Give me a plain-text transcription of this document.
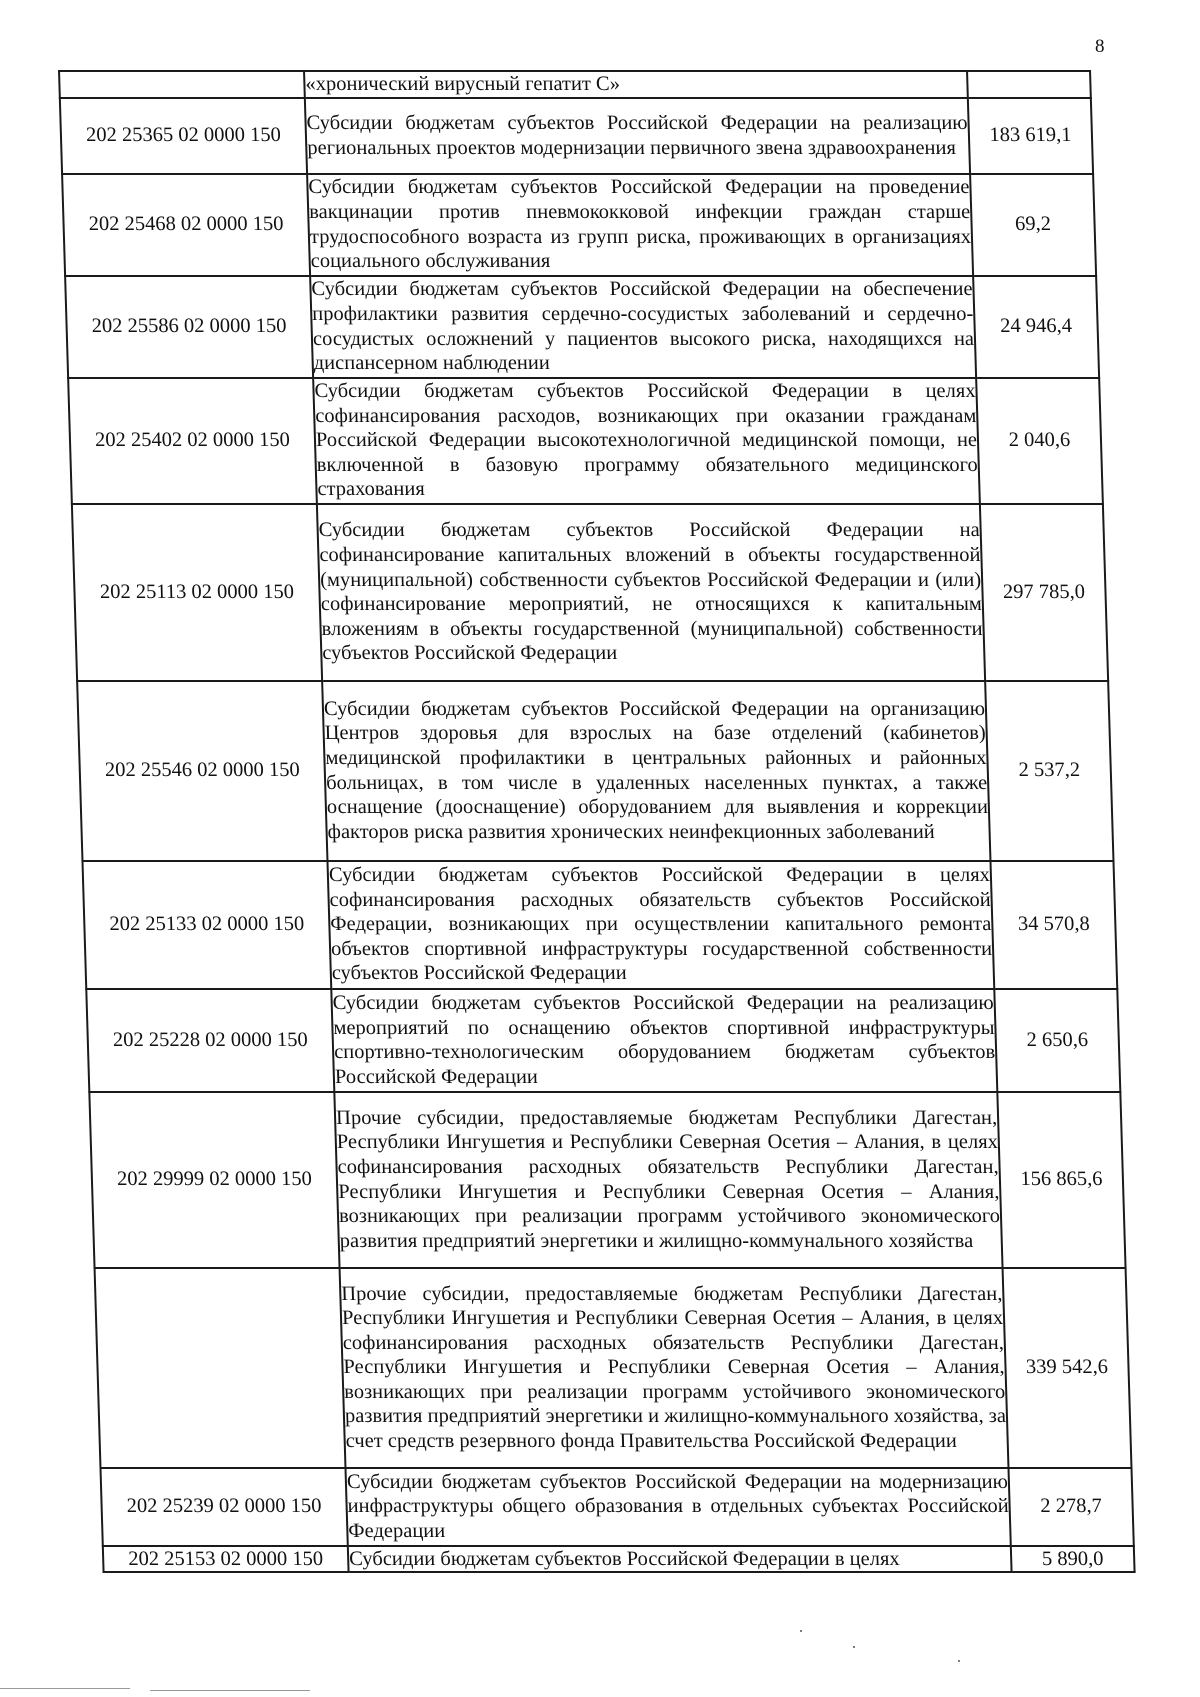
8
	«хронический вирусный гепатит С»	
202 25365 02 0000 150	Субсидии бюджетам субъектов Российской Федерации на реализацию региональных проектов модернизации первичного звена здравоохранения	183 619,1
202 25468 02 0000 150	Субсидии бюджетам субъектов Российской Федерации на проведение вакцинации против пневмококковой инфекции граждан старше трудоспособного возраста из групп риска, проживающих в организациях социального обслуживания	69,2
202 25586 02 0000 150	Субсидии бюджетам субъектов Российской Федерации на обеспечение профилактики развития сердечно-сосудистых заболеваний и сердечно-сосудистых осложнений у пациентов высокого риска, находящихся на диспансерном наблюдении	24 946,4
202 25402 02 0000 150	Субсидии бюджетам субъектов Российской Федерации в целях софинансирования расходов, возникающих при оказании гражданам Российской Федерации высокотехнологичной медицинской помощи, не включенной в базовую программу обязательного медицинского страхования	2 040,6
202 25113 02 0000 150	Субсидии бюджетам субъектов Российской Федерации на софинансирование капитальных вложений в объекты государственной (муниципальной) собственности субъектов Российской Федерации и (или) софинансирование мероприятий, не относящихся к капитальным вложениям в объекты государственной (муниципальной) собственности субъектов Российской Федерации	297 785,0
202 25546 02 0000 150	Субсидии бюджетам субъектов Российской Федерации на организацию Центров здоровья для взрослых на базе отделений (кабинетов) медицинской профилактики в центральных районных и районных больницах, в том числе в удаленных населенных пунктах, а также оснащение (дооснащение) оборудованием для выявления и коррекции факторов риска развития хронических неинфекционных заболеваний	2 537,2
202 25133 02 0000 150	Субсидии бюджетам субъектов Российской Федерации в целях софинансирования расходных обязательств субъектов Российской Федерации, возникающих при осуществлении капитального ремонта объектов спортивной инфраструктуры государственной собственности субъектов Российской Федерации	34 570,8
202 25228 02 0000 150	Субсидии бюджетам субъектов Российской Федерации на реализацию мероприятий по оснащению объектов спортивной инфраструктуры спортивно-технологическим оборудованием бюджетам субъектов Российской Федерации	2 650,6
202 29999 02 0000 150	Прочие субсидии, предоставляемые бюджетам Республики Дагестан, Республики Ингушетия и Республики Северная Осетия – Алания, в целях софинансирования расходных обязательств Республики Дагестан, Республики Ингушетия и Республики Северная Осетия – Алания, возникающих при реализации программ устойчивого экономического развития предприятий энергетики и жилищно-коммунального хозяйства	156 865,6
	Прочие субсидии, предоставляемые бюджетам Республики Дагестан, Республики Ингушетия и Республики Северная Осетия – Алания, в целях софинансирования расходных обязательств Республики Дагестан, Республики Ингушетия и Республики Северная Осетия – Алания, возникающих при реализации программ устойчивого экономического развития предприятий энергетики и жилищно-коммунального хозяйства, за счет средств резервного фонда Правительства Российской Федерации	339 542,6
202 25239 02 0000 150	Субсидии бюджетам субъектов Российской Федерации на модернизацию инфраструктуры общего образования в отдельных субъектах Российской Федерации	2 278,7
202 25153 02 0000 150	Субсидии бюджетам субъектов Российской Федерации в целях	5 890,0
